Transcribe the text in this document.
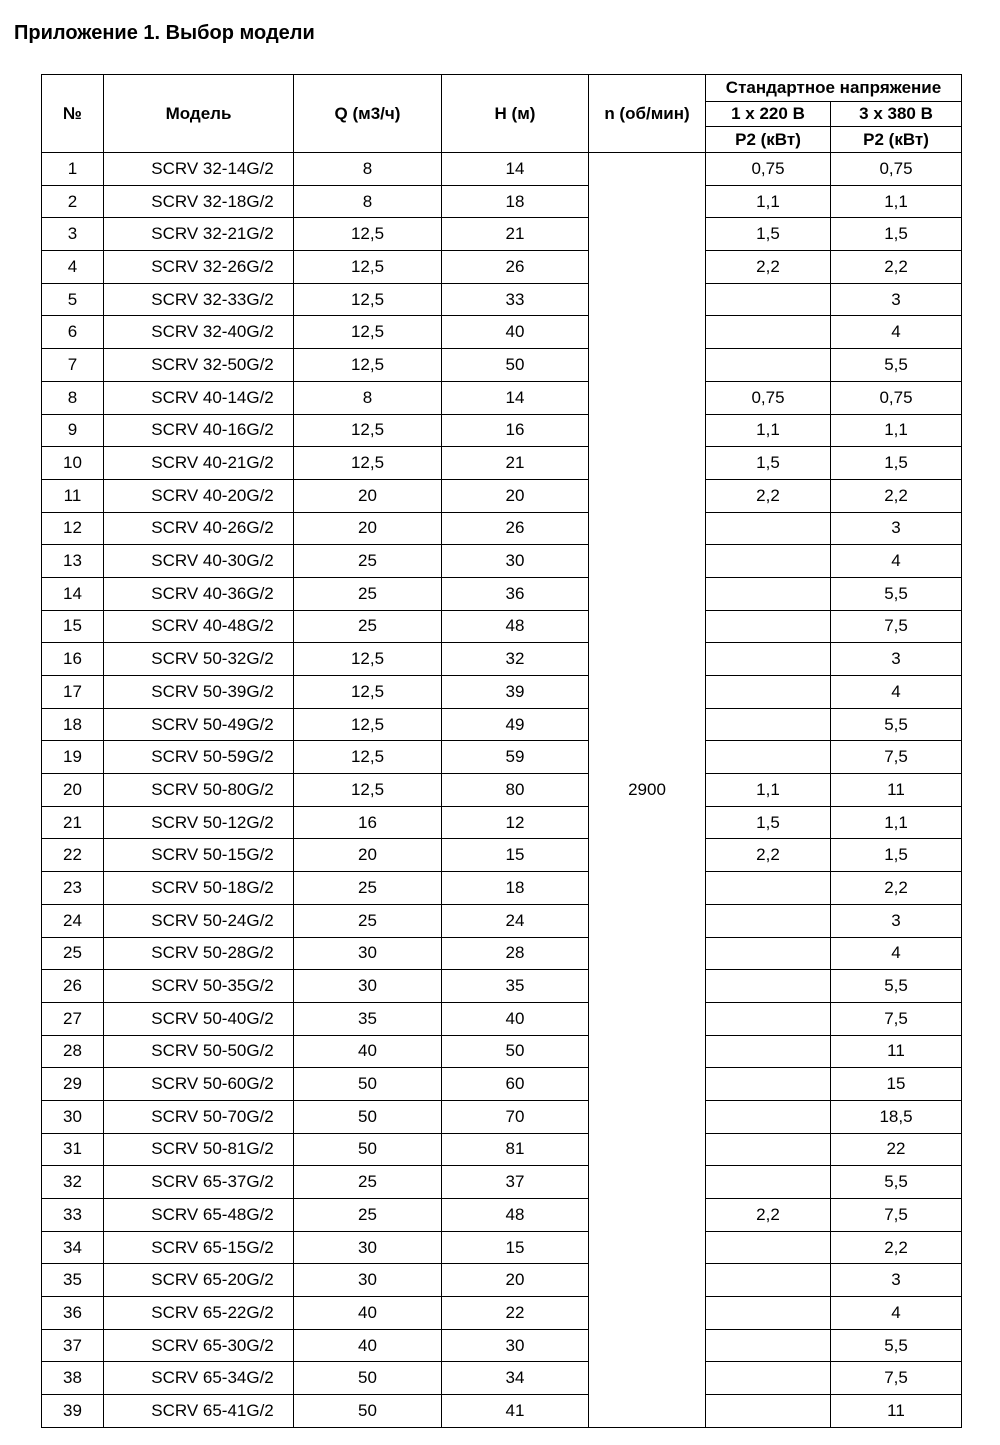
Приложение 1. Выбор модели
№	Модель	Q (м3/ч)	H (м)	n (об/мин)	Стандартное напряжение	
					1 х 220 В	3 х 380 В
					P2 (кВт)	P2 (кВт)
1	SCRV 32-14G/2	8	14	2900	0,75	0,75
2	SCRV 32-18G/2	8	18		1,1	1,1
3	SCRV 32-21G/2	12,5	21		1,5	1,5
4	SCRV 32-26G/2	12,5	26		2,2	2,2
5	SCRV 32-33G/2	12,5	33			3
6	SCRV 32-40G/2	12,5	40			4
7	SCRV 32-50G/2	12,5	50			5,5
8	SCRV 40-14G/2	8	14		0,75	0,75
9	SCRV 40-16G/2	12,5	16		1,1	1,1
10	SCRV 40-21G/2	12,5	21		1,5	1,5
11	SCRV 40-20G/2	20	20		2,2	2,2
12	SCRV 40-26G/2	20	26			3
13	SCRV 40-30G/2	25	30			4
14	SCRV 40-36G/2	25	36			5,5
15	SCRV 40-48G/2	25	48			7,5
16	SCRV 50-32G/2	12,5	32			3
17	SCRV 50-39G/2	12,5	39			4
18	SCRV 50-49G/2	12,5	49			5,5
19	SCRV 50-59G/2	12,5	59			7,5
20	SCRV 50-80G/2	12,5	80		1,1	11
21	SCRV 50-12G/2	16	12		1,5	1,1
22	SCRV 50-15G/2	20	15		2,2	1,5
23	SCRV 50-18G/2	25	18			2,2
24	SCRV 50-24G/2	25	24			3
25	SCRV 50-28G/2	30	28			4
26	SCRV 50-35G/2	30	35			5,5
27	SCRV 50-40G/2	35	40			7,5
28	SCRV 50-50G/2	40	50			11
29	SCRV 50-60G/2	50	60			15
30	SCRV 50-70G/2	50	70			18,5
31	SCRV 50-81G/2	50	81			22
32	SCRV 65-37G/2	25	37			5,5
33	SCRV 65-48G/2	25	48		2,2	7,5
34	SCRV 65-15G/2	30	15			2,2
35	SCRV 65-20G/2	30	20			3
36	SCRV 65-22G/2	40	22			4
37	SCRV 65-30G/2	40	30			5,5
38	SCRV 65-34G/2	50	34			7,5
39	SCRV 65-41G/2	50	41			11
